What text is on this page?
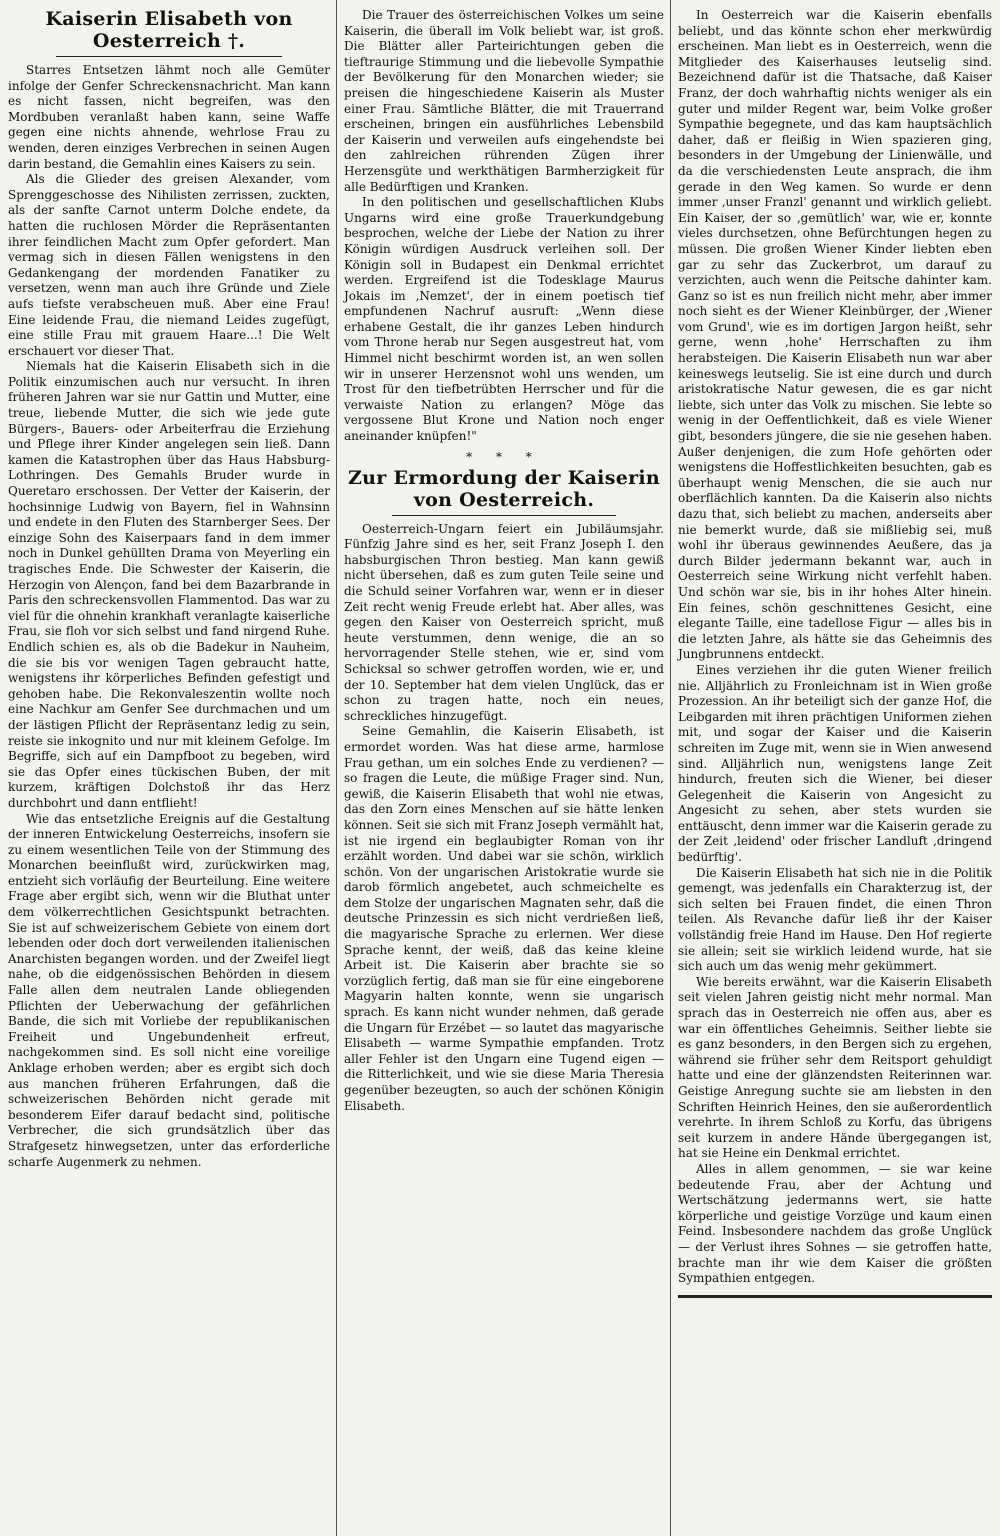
Kaiserin Elisabeth von Oesterreich †.

Starres Entsetzen lähmt noch alle Gemüter infolge der Genfer Schreckensnachricht. Man kann es nicht fassen, nicht begreifen, was den Mordbuben veranlaßt haben kann, seine Waffe gegen eine nichts ahnende, wehrlose Frau zu wenden, deren einziges Verbrechen in seinen Augen darin bestand, die Gemahlin eines Kaisers zu sein.

Als die Glieder des greisen Alexander, vom Sprenggeschosse des Nihilisten zerrissen, zuckten, als der sanfte Carnot unterm Dolche endete, da hatten die ruchlosen Mörder die Repräsentanten ihrer feindlichen Macht zum Opfer gefordert. Man vermag sich in diesen Fällen wenigstens in den Gedankengang der mordenden Fanatiker zu versetzen, wenn man auch ihre Gründe und Ziele aufs tiefste verabscheuen muß. Aber eine Frau! Eine leidende Frau, die niemand Leides zugefügt, eine stille Frau mit grauem Haare...! Die Welt erschauert vor dieser That.

Niemals hat die Kaiserin Elisabeth sich in die Politik einzumischen auch nur versucht. In ihren früheren Jahren war sie nur Gattin und Mutter, eine treue, liebende Mutter, die sich wie jede gute Bürgers-, Bauers- oder Arbeiterfrau die Erziehung und Pflege ihrer Kinder angelegen sein ließ. Dann kamen die Katastrophen über das Haus Habsburg-Lothringen. Des Gemahls Bruder wurde in Queretaro erschossen. Der Vetter der Kaiserin, der hochsinnige Ludwig von Bayern, fiel in Wahnsinn und endete in den Fluten des Starnberger Sees. Der einzige Sohn des Kaiserpaars fand in dem immer noch in Dunkel gehüllten Drama von Meyerling ein tragisches Ende. Die Schwester der Kaiserin, die Herzogin von Alençon, fand bei dem Bazarbrande in Paris den schreckensvollen Flammentod. Das war zu viel für die ohnehin krankhaft veranlagte kaiserliche Frau, sie floh vor sich selbst und fand nirgend Ruhe. Endlich schien es, als ob die Badekur in Nauheim, die sie bis vor wenigen Tagen gebraucht hatte, wenigstens ihr körperliches Befinden gefestigt und gehoben habe. Die Rekonvaleszentin wollte noch eine Nachkur am Genfer See durchmachen und um der lästigen Pflicht der Repräsentanz ledig zu sein, reiste sie inkognito und nur mit kleinem Gefolge. Im Begriffe, sich auf ein Dampfboot zu begeben, wird sie das Opfer eines tückischen Buben, der mit kurzem, kräftigen Dolchstoß ihr das Herz durchbohrt und dann entflieht!

Wie das entsetzliche Ereignis auf die Gestaltung der inneren Entwickelung Oesterreichs, insofern sie zu einem wesentlichen Teile von der Stimmung des Monarchen beeinflußt wird, zurückwirken mag, entzieht sich vorläufig der Beurteilung. Eine weitere Frage aber ergibt sich, wenn wir die Bluthat unter dem völkerrechtlichen Gesichtspunkt betrachten. Sie ist auf schweizerischem Gebiete von einem dort lebenden oder doch dort verweilenden italienischen Anarchisten begangen worden. und der Zweifel liegt nahe, ob die eidgenössischen Behörden in diesem Falle allen dem neutralen Lande obliegenden Pflichten der Ueberwachung der gefährlichen Bande, die sich mit Vorliebe der republikanischen Freiheit und Ungebundenheit erfreut, nachgekommen sind. Es soll nicht eine voreilige Anklage erhoben werden; aber es ergibt sich doch aus manchen früheren Erfahrungen, daß die schweizerischen Behörden nicht gerade mit besonderem Eifer darauf bedacht sind, politische Verbrecher, die sich grundsätzlich über das Strafgesetz hinwegsetzen, unter das erforderliche scharfe Augenmerk zu nehmen.

Die Trauer des österreichischen Volkes um seine Kaiserin, die überall im Volk beliebt war, ist groß. Die Blätter aller Parteirichtungen geben die tieftraurige Stimmung und die liebevolle Sympathie der Bevölkerung für den Monarchen wieder; sie preisen die hingeschiedene Kaiserin als Muster einer Frau. Sämtliche Blätter, die mit Trauerrand erscheinen, bringen ein ausführliches Lebensbild der Kaiserin und verweilen aufs eingehendste bei den zahlreichen rührenden Zügen ihrer Herzensgüte und werkthätigen Barmherzigkeit für alle Bedürftigen und Kranken.

In den politischen und gesellschaftlichen Klubs Ungarns wird eine große Trauerkundgebung besprochen, welche der Liebe der Nation zu ihrer Königin würdigen Ausdruck verleihen soll. Der Königin soll in Budapest ein Denkmal errichtet werden. Ergreifend ist die Todesklage Maurus Jokais im ‚Nemzet', der in einem poetisch tief empfundenen Nachruf ausruft: „Wenn diese erhabene Gestalt, die ihr ganzes Leben hindurch vom Throne herab nur Segen ausgestreut hat, vom Himmel nicht beschirmt worden ist, an wen sollen wir in unserer Herzensnot wohl uns wenden, um Trost für den tiefbetrübten Herrscher und für die verwaiste Nation zu erlangen? Möge das vergossene Blut Krone und Nation noch enger aneinander knüpfen!"

* * *
Zur Ermordung der Kaiserin von Oesterreich.

Oesterreich-Ungarn feiert ein Jubiläumsjahr. Fünfzig Jahre sind es her, seit Franz Joseph I. den habsburgischen Thron bestieg. Man kann gewiß nicht übersehen, daß es zum guten Teile seine und die Schuld seiner Vorfahren war, wenn er in dieser Zeit recht wenig Freude erlebt hat. Aber alles, was gegen den Kaiser von Oesterreich spricht, muß heute verstummen, denn wenige, die an so hervorragender Stelle stehen, wie er, sind vom Schicksal so schwer getroffen worden, wie er, und der 10. September hat dem vielen Unglück, das er schon zu tragen hatte, noch ein neues, schreckliches hinzugefügt.

Seine Gemahlin, die Kaiserin Elisabeth, ist ermordet worden. Was hat diese arme, harmlose Frau gethan, um ein solches Ende zu verdienen? — so fragen die Leute, die müßige Frager sind. Nun, gewiß, die Kaiserin Elisabeth that wohl nie etwas, das den Zorn eines Menschen auf sie hätte lenken können. Seit sie sich mit Franz Joseph vermählt hat, ist nie irgend ein beglaubigter Roman von ihr erzählt worden. Und dabei war sie schön, wirklich schön. Von der ungarischen Aristokratie wurde sie darob förmlich angebetet, auch schmeichelte es dem Stolze der ungarischen Magnaten sehr, daß die deutsche Prinzessin es sich nicht verdrießen ließ, die magyarische Sprache zu erlernen. Wer diese Sprache kennt, der weiß, daß das keine kleine Arbeit ist. Die Kaiserin aber brachte sie so vorzüglich fertig, daß man sie für eine eingeborene Magyarin halten konnte, wenn sie ungarisch sprach. Es kann nicht wunder nehmen, daß gerade die Ungarn für Erzébet — so lautet das magyarische Elisabeth — warme Sympathie empfanden. Trotz aller Fehler ist den Ungarn eine Tugend eigen — die Ritterlichkeit, und wie sie diese Maria Theresia gegenüber bezeugten, so auch der schönen Königin Elisabeth.

In Oesterreich war die Kaiserin ebenfalls beliebt, und das könnte schon eher merkwürdig erscheinen. Man liebt es in Oesterreich, wenn die Mitglieder des Kaiserhauses leutselig sind. Bezeichnend dafür ist die Thatsache, daß Kaiser Franz, der doch wahrhaftig nichts weniger als ein guter und milder Regent war, beim Volke großer Sympathie begegnete, und das kam hauptsächlich daher, daß er fleißig in Wien spazieren ging, besonders in der Umgebung der Linienwälle, und da die verschiedensten Leute ansprach, die ihm gerade in den Weg kamen. So wurde er denn immer ‚unser Franzl' genannt und wirklich geliebt. Ein Kaiser, der so ‚gemütlich' war, wie er, konnte vieles durchsetzen, ohne Befürchtungen hegen zu müssen. Die großen Wiener Kinder liebten eben gar zu sehr das Zuckerbrot, um darauf zu verzichten, auch wenn die Peitsche dahinter kam. Ganz so ist es nun freilich nicht mehr, aber immer noch sieht es der Wiener Kleinbürger, der ‚Wiener vom Grund', wie es im dortigen Jargon heißt, sehr gerne, wenn ‚hohe' Herrschaften zu ihm herabsteigen. Die Kaiserin Elisabeth nun war aber keineswegs leutselig. Sie ist eine durch und durch aristokratische Natur gewesen, die es gar nicht liebte, sich unter das Volk zu mischen. Sie lebte so wenig in der Oeffentlichkeit, daß es viele Wiener gibt, besonders jüngere, die sie nie gesehen haben. Außer denjenigen, die zum Hofe gehörten oder wenigstens die Hoffestlichkeiten besuchten, gab es überhaupt wenig Menschen, die sie auch nur oberflächlich kannten. Da die Kaiserin also nichts dazu that, sich beliebt zu machen, anderseits aber nie bemerkt wurde, daß sie mißliebig sei, muß wohl ihr überaus gewinnendes Aeußere, das ja durch Bilder jedermann bekannt war, auch in Oesterreich seine Wirkung nicht verfehlt haben. Und schön war sie, bis in ihr hohes Alter hinein. Ein feines, schön geschnittenes Gesicht, eine elegante Taille, eine tadellose Figur — alles bis in die letzten Jahre, als hätte sie das Geheimnis des Jungbrunnens entdeckt.

Eines verziehen ihr die guten Wiener freilich nie. Alljährlich zu Fronleichnam ist in Wien große Prozession. An ihr beteiligt sich der ganze Hof, die Leibgarden mit ihren prächtigen Uniformen ziehen mit, und sogar der Kaiser und die Kaiserin schreiten im Zuge mit, wenn sie in Wien anwesend sind. Alljährlich nun, wenigstens lange Zeit hindurch, freuten sich die Wiener, bei dieser Gelegenheit die Kaiserin von Angesicht zu Angesicht zu sehen, aber stets wurden sie enttäuscht, denn immer war die Kaiserin gerade zu der Zeit ‚leidend' oder frischer Landluft ‚dringend bedürftig'.

Die Kaiserin Elisabeth hat sich nie in die Politik gemengt, was jedenfalls ein Charakterzug ist, der sich selten bei Frauen findet, die einen Thron teilen. Als Revanche dafür ließ ihr der Kaiser vollständig freie Hand im Hause. Den Hof regierte sie allein; seit sie wirklich leidend wurde, hat sie sich auch um das wenig mehr gekümmert.

Wie bereits erwähnt, war die Kaiserin Elisabeth seit vielen Jahren geistig nicht mehr normal. Man sprach das in Oesterreich nie offen aus, aber es war ein öffentliches Geheimnis. Seither liebte sie es ganz besonders, in den Bergen sich zu ergehen, während sie früher sehr dem Reitsport gehuldigt hatte und eine der glänzendsten Reiterinnen war. Geistige Anregung suchte sie am liebsten in den Schriften Heinrich Heines, den sie außerordentlich verehrte. In ihrem Schloß zu Korfu, das übrigens seit kurzem in andere Hände übergegangen ist, hat sie Heine ein Denkmal errichtet.

Alles in allem genommen, — sie war keine bedeutende Frau, aber der Achtung und Wertschätzung jedermanns wert, sie hatte körperliche und geistige Vorzüge und kaum einen Feind. Insbesondere nachdem das große Unglück — der Verlust ihres Sohnes — sie getroffen hatte, brachte man ihr wie dem Kaiser die größten Sympathien entgegen.
